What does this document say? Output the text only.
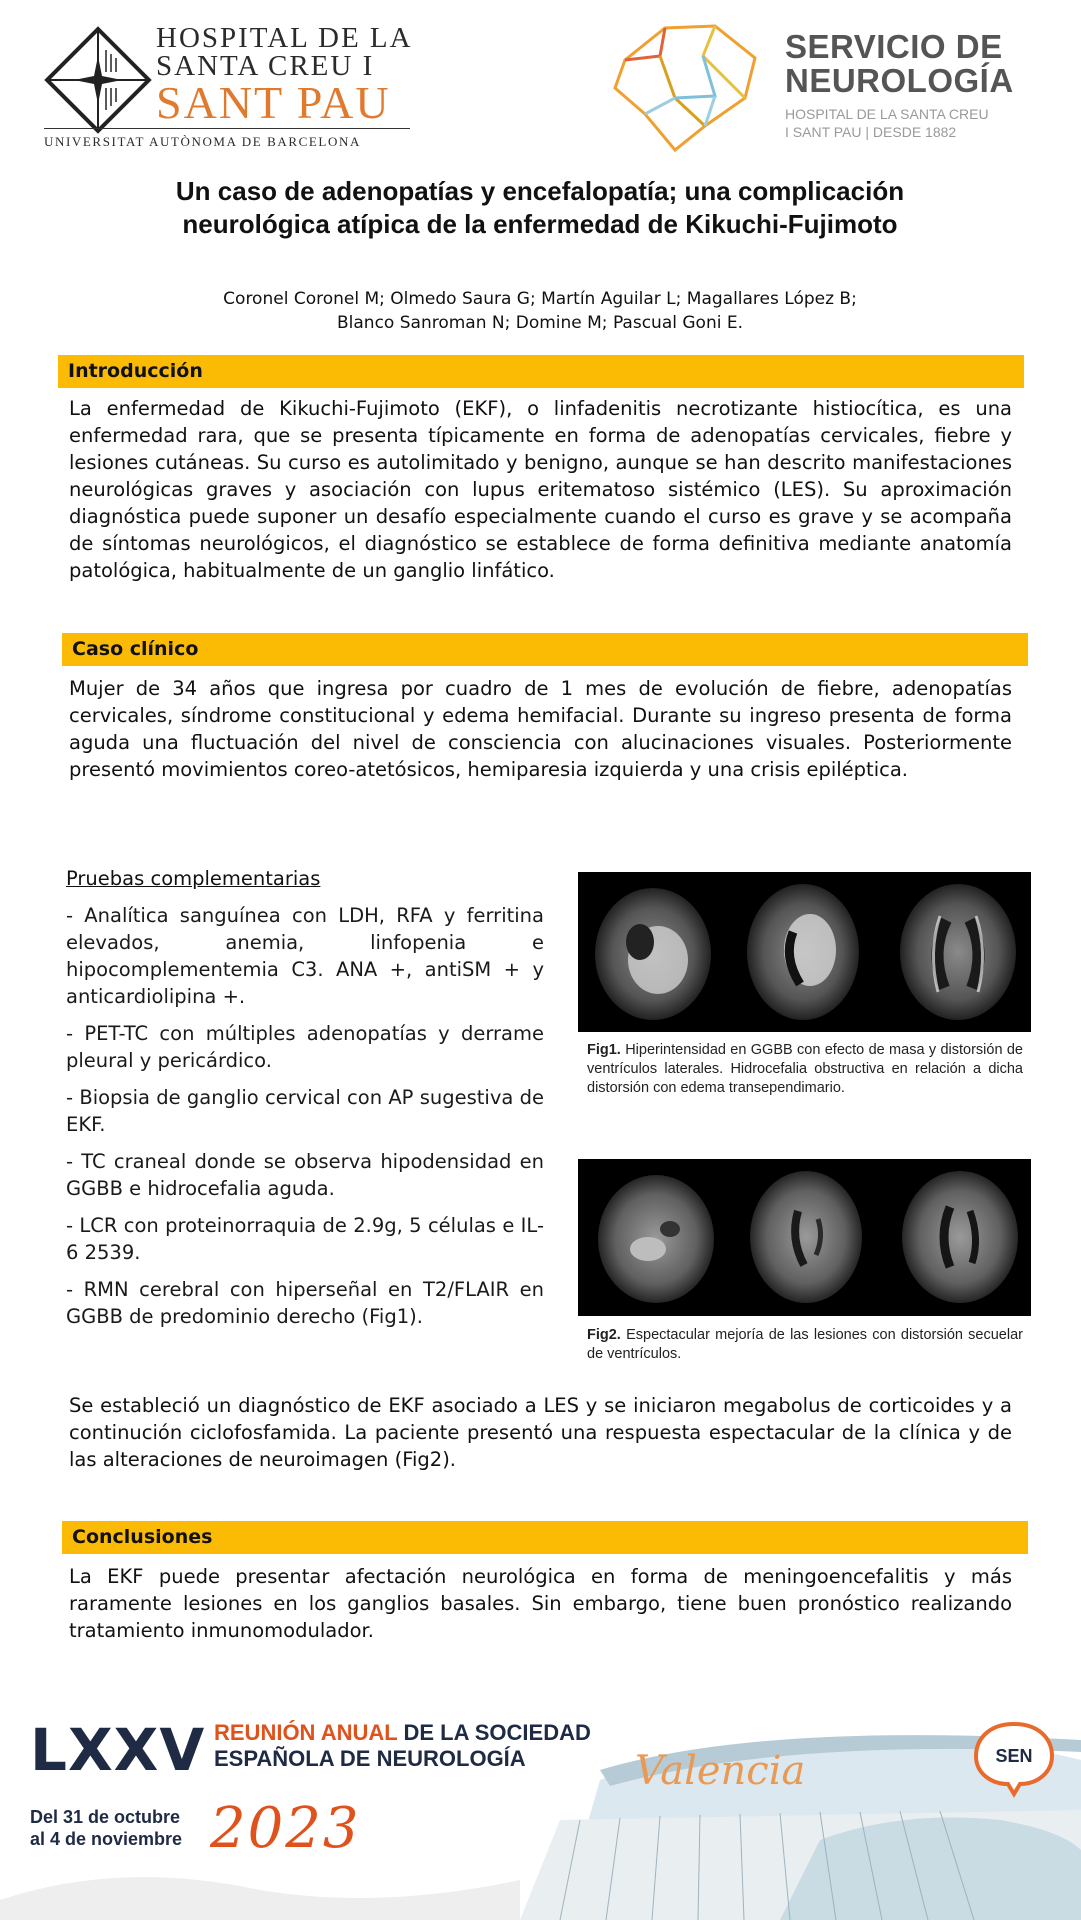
HOSPITAL DE LA
SANTA CREU I
SANT PAU
UNIVERSITAT AUTÒNOMA DE BARCELONA
SERVICIO DE
NEUROLOGÍA
HOSPITAL DE LA SANTA CREU
I SANT PAU | DESDE 1882
Un caso de adenopatías y encefalopatía; una complicación neurológica atípica de la enfermedad de Kikuchi-Fujimoto
Coronel Coronel M; Olmedo Saura G; Martín Aguilar L; Magallares López B;
Blanco Sanroman N; Domine M; Pascual Goni E.
Introducción
La enfermedad de Kikuchi-Fujimoto (EKF), o linfadenitis necrotizante histiocítica, es una enfermedad rara, que se presenta típicamente en forma de adenopatías cervicales, fiebre y lesiones cutáneas. Su curso es autolimitado y benigno, aunque se han descrito manifestaciones neurológicas graves y asociación con lupus eritematoso sistémico (LES). Su aproximación diagnóstica puede suponer un desafío especialmente cuando el curso es grave y se acompaña de síntomas neurológicos, el diagnóstico se establece de forma definitiva mediante anatomía patológica, habitualmente de un ganglio linfático.
Caso clínico
Mujer de 34 años que ingresa por cuadro de 1 mes de evolución de fiebre, adenopatías cervicales, síndrome constitucional y edema hemifacial. Durante su ingreso presenta de forma aguda una fluctuación del nivel de consciencia con alucinaciones visuales. Posteriormente presentó movimientos coreo-atetósicos, hemiparesia izquierda y una crisis epiléptica.
Pruebas complementarias
- Analítica sanguínea con LDH, RFA y ferritina elevados, anemia, linfopenia e hipocomplementemia C3. ANA +, antiSM + y anticardiolipina +.
- PET-TC con múltiples adenopatías y derrame pleural y pericárdico.
- Biopsia de ganglio cervical con AP sugestiva de EKF.
- TC craneal donde se observa hipodensidad en GGBB e hidrocefalia aguda.
- LCR con proteinorraquia de 2.9g, 5 células e IL-6 2539.
- RMN cerebral con hiperseñal en T2/FLAIR en GGBB de predominio derecho (Fig1).
Fig1. Hiperintensidad en GGBB con efecto de masa y distorsión de ventrículos laterales. Hidrocefalia obstructiva en relación a dicha distorsión con edema transependimario.
Fig2. Espectacular mejoría de las lesiones con distorsión secuelar de ventrículos.
Se estableció un diagnóstico de EKF asociado a LES y se iniciaron megabolus de corticoides y a continución ciclofosfamida. La paciente presentó una respuesta espectacular de la clínica y de las alteraciones de neuroimagen (Fig2).
Conclusiones
La EKF puede presentar afectación neurológica en forma de meningoencefalitis y más raramente lesiones en los ganglios basales. Sin embargo, tiene buen pronóstico realizando tratamiento inmunomodulador.
LXXV REUNIÓN ANUAL DE LA SOCIEDAD
ESPAÑOLA DE NEUROLOGÍA
Del 31 de octubre
al 4 de noviembre 2023
Valencia	SEN
